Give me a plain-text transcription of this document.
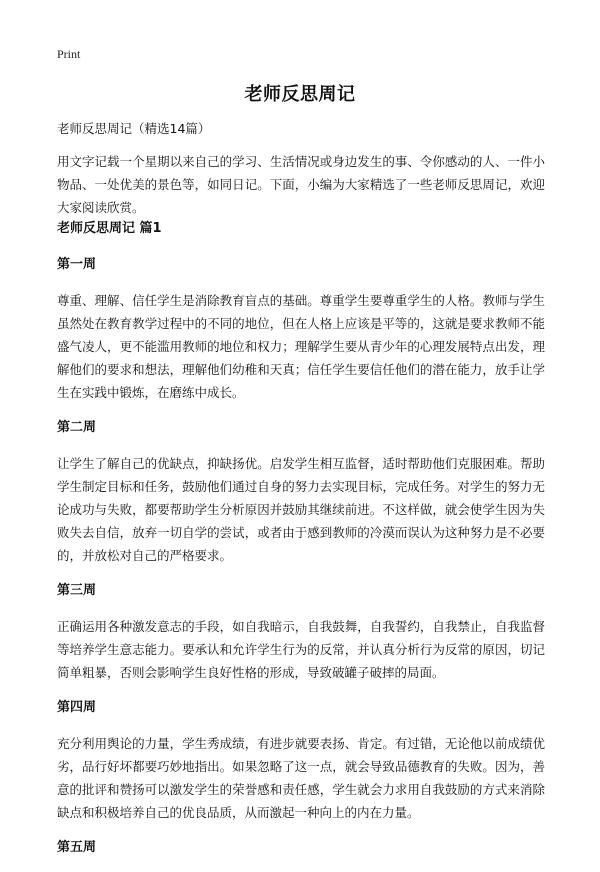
Print
老师反思周记
老师反思周记（精选14篇）

用文字记载一个星期以来自己的学习、生活情况或身边发生的事、令你感动的人、一件小物品、一处优美的景色等，如同日记。下面，小编为大家精选了一些老师反思周记，欢迎大家阅读欣赏。

老师反思周记 篇1
第一周

尊重、理解、信任学生是消除教育盲点的基础。尊重学生要尊重学生的人格。教师与学生虽然处在教育教学过程中的不同的地位，但在人格上应该是平等的，这就是要求教师不能盛气凌人，更不能滥用教师的地位和权力；理解学生要从青少年的心理发展特点出发，理解他们的要求和想法，理解他们幼稚和天真；信任学生要信任他们的潜在能力，放手让学生在实践中锻炼，在磨练中成长。

第二周

让学生了解自己的优缺点，抑缺扬优。启发学生相互监督，适时帮助他们克服困难。帮助学生制定目标和任务，鼓励他们通过自身的努力去实现目标，完成任务。对学生的努力无论成功与失败，都要帮助学生分析原因并鼓励其继续前进。不这样做，就会使学生因为失败失去自信，放弃一切自学的尝试，或者由于感到教师的冷漠而误认为这种努力是不必要的，并放松对自己的严格要求。

第三周

正确运用各种激发意志的手段，如自我暗示，自我鼓舞，自我誓约，自我禁止，自我监督等培养学生意志能力。要承认和允许学生行为的反常，并认真分析行为反常的原因，切记简单粗暴，否则会影响学生良好性格的形成，导致破罐子破摔的局面。

第四周

充分利用舆论的力量，学生秀成绩，有进步就要表扬、肯定。有过错，无论他以前成绩优劣，品行好坏都要巧妙地指出。如果忽略了这一点，就会导致品德教育的失败。因为，善意的批评和赞扬可以激发学生的荣誉感和责任感，学生就会力求用自我鼓励的方式来消除缺点和积极培养自己的优良品质，从而激起一种向上的内在力量。

第五周
